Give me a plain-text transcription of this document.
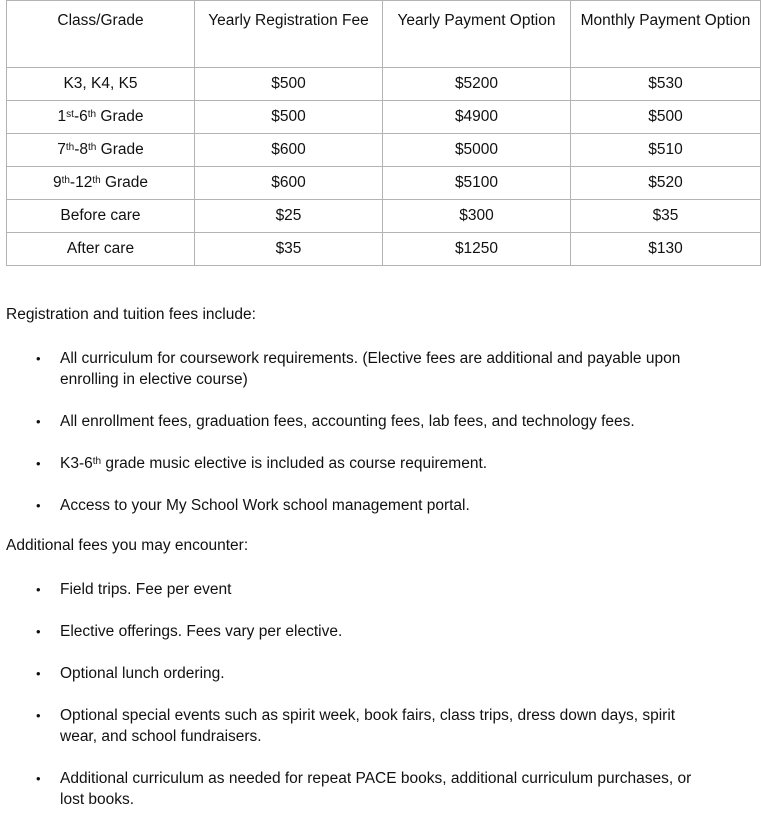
Class/Grade	Yearly Registration Fee	Yearly Payment Option	Monthly Payment Option
K3, K4, K5	$500	$5200	$530
1st-6th Grade	$500	$4900	$500
7th-8th Grade	$600	$5000	$510
9th-12th Grade	$600	$5100	$520
Before care	$25	$300	$35
After care	$35	$1250	$130

Registration and tuition fees include:

• All curriculum for coursework requirements. (Elective fees are additional and payable upon enrolling in elective course)
• All enrollment fees, graduation fees, accounting fees, lab fees, and technology fees.
• K3-6th grade music elective is included as course requirement.
• Access to your My School Work school management portal.

Additional fees you may encounter:

• Field trips. Fee per event
• Elective offerings. Fees vary per elective.
• Optional lunch ordering.
• Optional special events such as spirit week, book fairs, class trips, dress down days, spirit wear, and school fundraisers.
• Additional curriculum as needed for repeat PACE books, additional curriculum purchases, or lost books.
